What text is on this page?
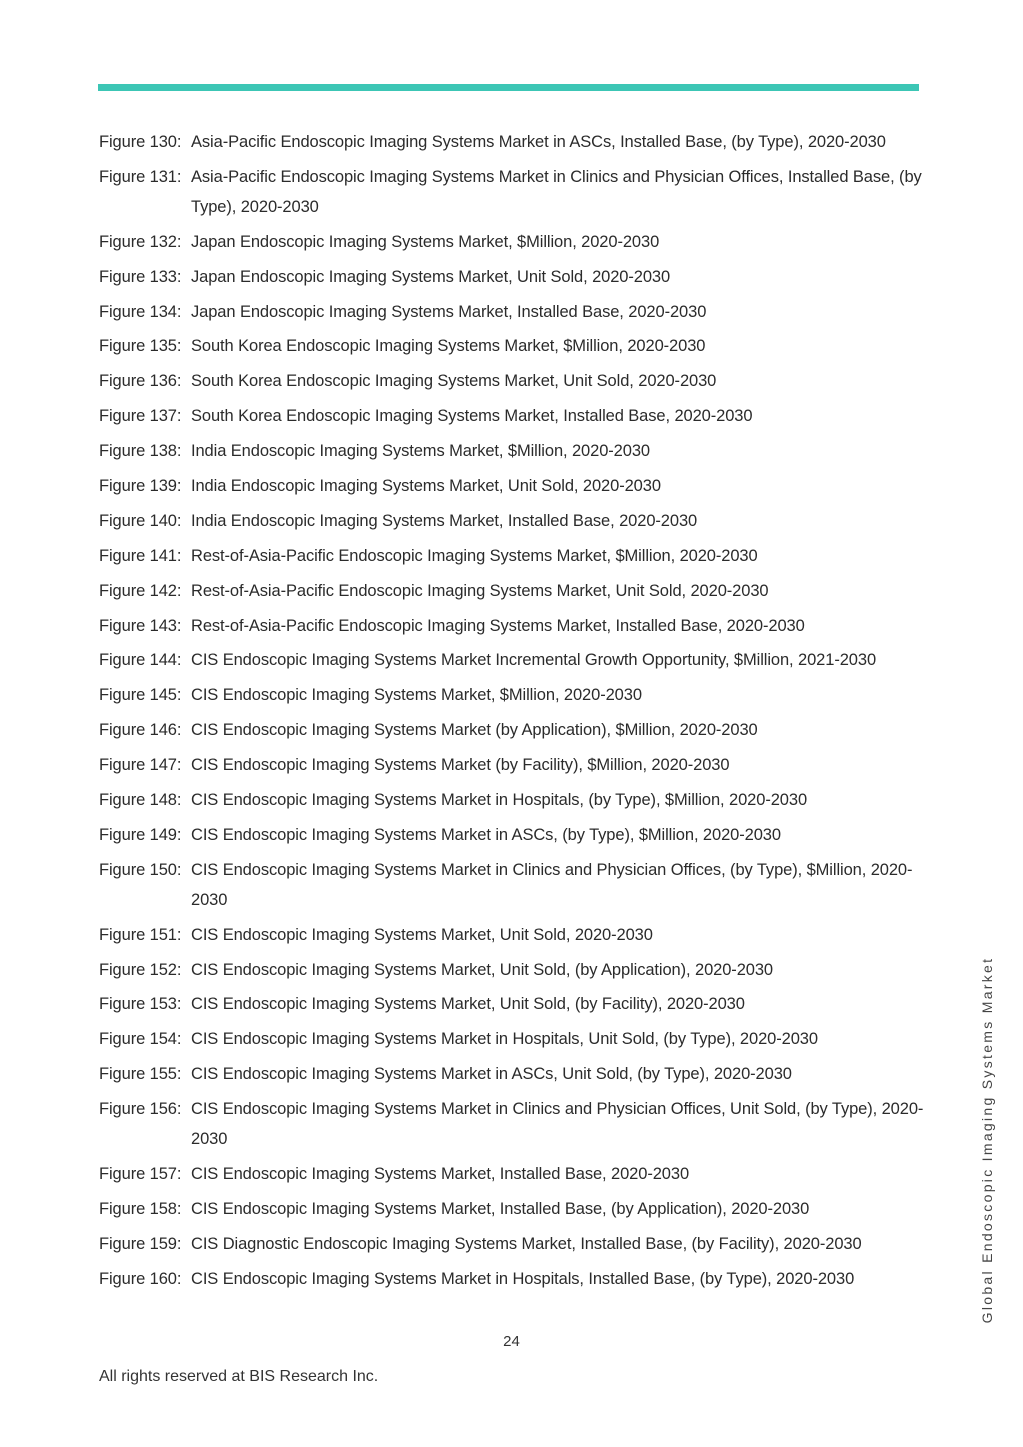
Figure 130: Asia-Pacific Endoscopic Imaging Systems Market in ASCs, Installed Base, (by Type), 2020-2030
Figure 131: Asia-Pacific Endoscopic Imaging Systems Market in Clinics and Physician Offices, Installed Base, (by Type), 2020-2030
Figure 132: Japan Endoscopic Imaging Systems Market, $Million, 2020-2030
Figure 133: Japan Endoscopic Imaging Systems Market, Unit Sold, 2020-2030
Figure 134: Japan Endoscopic Imaging Systems Market, Installed Base, 2020-2030
Figure 135: South Korea Endoscopic Imaging Systems Market, $Million, 2020-2030
Figure 136: South Korea Endoscopic Imaging Systems Market, Unit Sold, 2020-2030
Figure 137: South Korea Endoscopic Imaging Systems Market, Installed Base, 2020-2030
Figure 138: India Endoscopic Imaging Systems Market, $Million, 2020-2030
Figure 139: India Endoscopic Imaging Systems Market, Unit Sold, 2020-2030
Figure 140: India Endoscopic Imaging Systems Market, Installed Base, 2020-2030
Figure 141: Rest-of-Asia-Pacific Endoscopic Imaging Systems Market, $Million, 2020-2030
Figure 142: Rest-of-Asia-Pacific Endoscopic Imaging Systems Market, Unit Sold, 2020-2030
Figure 143: Rest-of-Asia-Pacific Endoscopic Imaging Systems Market, Installed Base, 2020-2030
Figure 144: CIS Endoscopic Imaging Systems Market Incremental Growth Opportunity, $Million, 2021-2030
Figure 145: CIS Endoscopic Imaging Systems Market, $Million, 2020-2030
Figure 146: CIS Endoscopic Imaging Systems Market (by Application), $Million, 2020-2030
Figure 147: CIS Endoscopic Imaging Systems Market (by Facility), $Million, 2020-2030
Figure 148: CIS Endoscopic Imaging Systems Market in Hospitals, (by Type), $Million, 2020-2030
Figure 149: CIS Endoscopic Imaging Systems Market in ASCs, (by Type), $Million, 2020-2030
Figure 150: CIS Endoscopic Imaging Systems Market in Clinics and Physician Offices, (by Type), $Million, 2020-2030
Figure 151: CIS Endoscopic Imaging Systems Market, Unit Sold, 2020-2030
Figure 152: CIS Endoscopic Imaging Systems Market, Unit Sold, (by Application), 2020-2030
Figure 153: CIS Endoscopic Imaging Systems Market, Unit Sold, (by Facility), 2020-2030
Figure 154: CIS Endoscopic Imaging Systems Market in Hospitals, Unit Sold, (by Type), 2020-2030
Figure 155: CIS Endoscopic Imaging Systems Market in ASCs, Unit Sold, (by Type), 2020-2030
Figure 156: CIS Endoscopic Imaging Systems Market in Clinics and Physician Offices, Unit Sold, (by Type), 2020-2030
Figure 157: CIS Endoscopic Imaging Systems Market, Installed Base, 2020-2030
Figure 158: CIS Endoscopic Imaging Systems Market, Installed Base, (by Application), 2020-2030
Figure 159: CIS Diagnostic Endoscopic Imaging Systems Market, Installed Base, (by Facility), 2020-2030
Figure 160: CIS Endoscopic Imaging Systems Market in Hospitals, Installed Base, (by Type), 2020-2030
24
All rights reserved at BIS Research Inc.
Global Endoscopic Imaging Systems Market
